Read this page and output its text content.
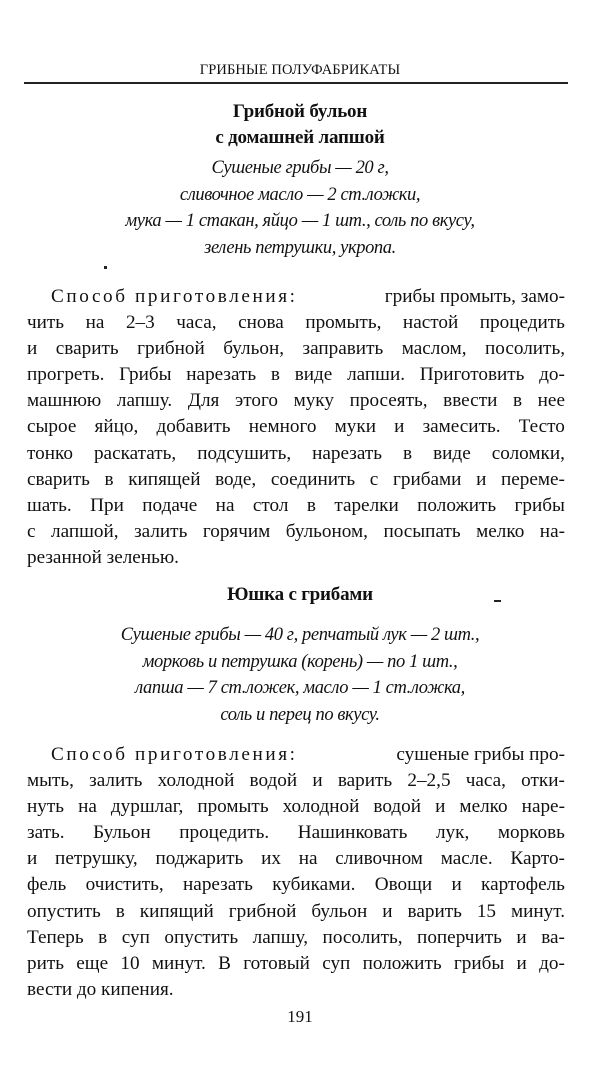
ГРИБНЫЕ ПОЛУФАБРИКАТЫ
Грибной бульон
с домашней лапшой
Сушеные грибы — 20 г,
сливочное масло — 2 ст.ложки,
мука — 1 стакан, яйцо — 1 шт., соль по вкусу,
зелень петрушки, укропа.
Способ приготовления:	грибы промыть, замо-
чить на 2–3 часа, снова промыть, настой процедить
и сварить грибной бульон, заправить маслом, посолить,
прогреть. Грибы нарезать в виде лапши. Приготовить до-
машнюю лапшу. Для этого муку просеять, ввести в нее
сырое яйцо, добавить немного муки и замесить. Тесто
тонко раскатать, подсушить, нарезать в виде соломки,
сварить в кипящей воде, соединить с грибами и переме-
шать. При подаче на стол в тарелки положить грибы
с лапшой, залить горячим бульоном, посыпать мелко на-
резанной зеленью.
Юшка с грибами
Сушеные грибы — 40 г, репчатый лук — 2 шт.,
морковь и петрушка (корень) — по 1 шт.,
лапша — 7 ст.ложек, масло — 1 ст.ложка,
соль и перец по вкусу.
Способ приготовления:	сушеные грибы про-
мыть, залить холодной водой и варить 2–2,5 часа, отки-
нуть на дуршлаг, промыть холодной водой и мелко наре-
зать. Бульон процедить. Нашинковать лук, морковь
и петрушку, поджарить их на сливочном масле. Карто-
фель очистить, нарезать кубиками. Овощи и картофель
опустить в кипящий грибной бульон и варить 15 минут.
Теперь в суп опустить лапшу, посолить, поперчить и ва-
рить еще 10 минут. В готовый суп положить грибы и до-
вести до кипения.
191
